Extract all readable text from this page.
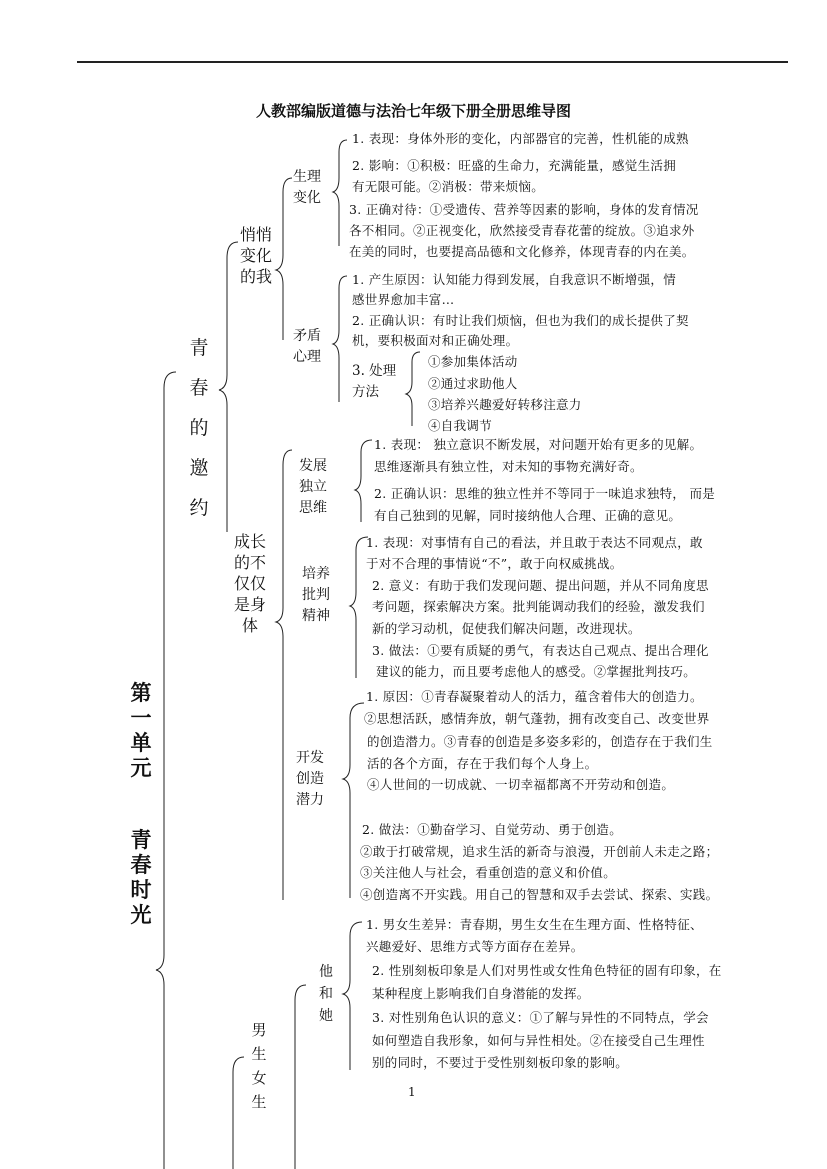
人教部编版道德与法治七年级下册全册思维导图
第一单元
青春时光
青春的邀约
悄悄变化的我
生理变化
1. 表现：身体外形的变化，内部器官的完善，性机能的成熟
2. 影响：①积极：旺盛的生命力，充满能量，感觉生活拥
有无限可能。②消极：带来烦恼。
3. 正确对待：①受遗传、营养等因素的影响，身体的发育情况
各不相同。②正视变化，欣然接受青春花蕾的绽放。③追求外
在美的同时，也要提高品德和文化修养，体现青春的内在美。
矛盾心理
1. 产生原因：认知能力得到发展，自我意识不断增强，情
感世界愈加丰富…
2. 正确认识：有时让我们烦恼，但也为我们的成长提供了契
机，要积极面对和正确处理。
3. 处理方法
①参加集体活动
②通过求助他人
③培养兴趣爱好转移注意力
④自我调节
成长的不仅仅是身体
发展独立思维
1. 表现： 独立意识不断发展，对问题开始有更多的见解。
思维逐渐具有独立性，对未知的事物充满好奇。
2. 正确认识：思维的独立性并不等同于一味追求独特， 而是
有自己独到的见解，同时接纳他人合理、正确的意见。
培养批判精神
1. 表现：对事情有自己的看法，并且敢于表达不同观点，敢
于对不合理的事情说“不”，敢于向权威挑战。
2. 意义：有助于我们发现问题、提出问题，并从不同角度思
考问题，探索解决方案。批判能调动我们的经验，激发我们
新的学习动机，促使我们解决问题，改进现状。
3. 做法：①要有质疑的勇气，有表达自己观点、提出合理化
建议的能力，而且要考虑他人的感受。②掌握批判技巧。
开发创造潜力
1. 原因：①青春凝聚着动人的活力，蕴含着伟大的创造力。
②思想活跃，感情奔放，朝气蓬勃，拥有改变自己、改变世界
的创造潜力。③青春的创造是多姿多彩的，创造存在于我们生
活的各个方面，存在于我们每个人身上。
④人世间的一切成就、一切幸福都离不开劳动和创造。
2. 做法：①勤奋学习、自觉劳动、勇于创造。
②敢于打破常规，追求生活的新奇与浪漫，开创前人未走之路；
③关注他人与社会，看重创造的意义和价值。
④创造离不开实践。用自己的智慧和双手去尝试、探索、实践。
男生女生
他和她
1. 男女生差异：青春期，男生女生在生理方面、性格特征、
兴趣爱好、思维方式等方面存在差异。
2. 性别刻板印象是人们对男性或女性角色特征的固有印象，在
某种程度上影响我们自身潜能的发挥。
3. 对性别角色认识的意义：①了解与异性的不同特点，学会
如何塑造自我形象，如何与异性相处。②在接受自己生理性
别的同时，不要过于受性别刻板印象的影响。
1
